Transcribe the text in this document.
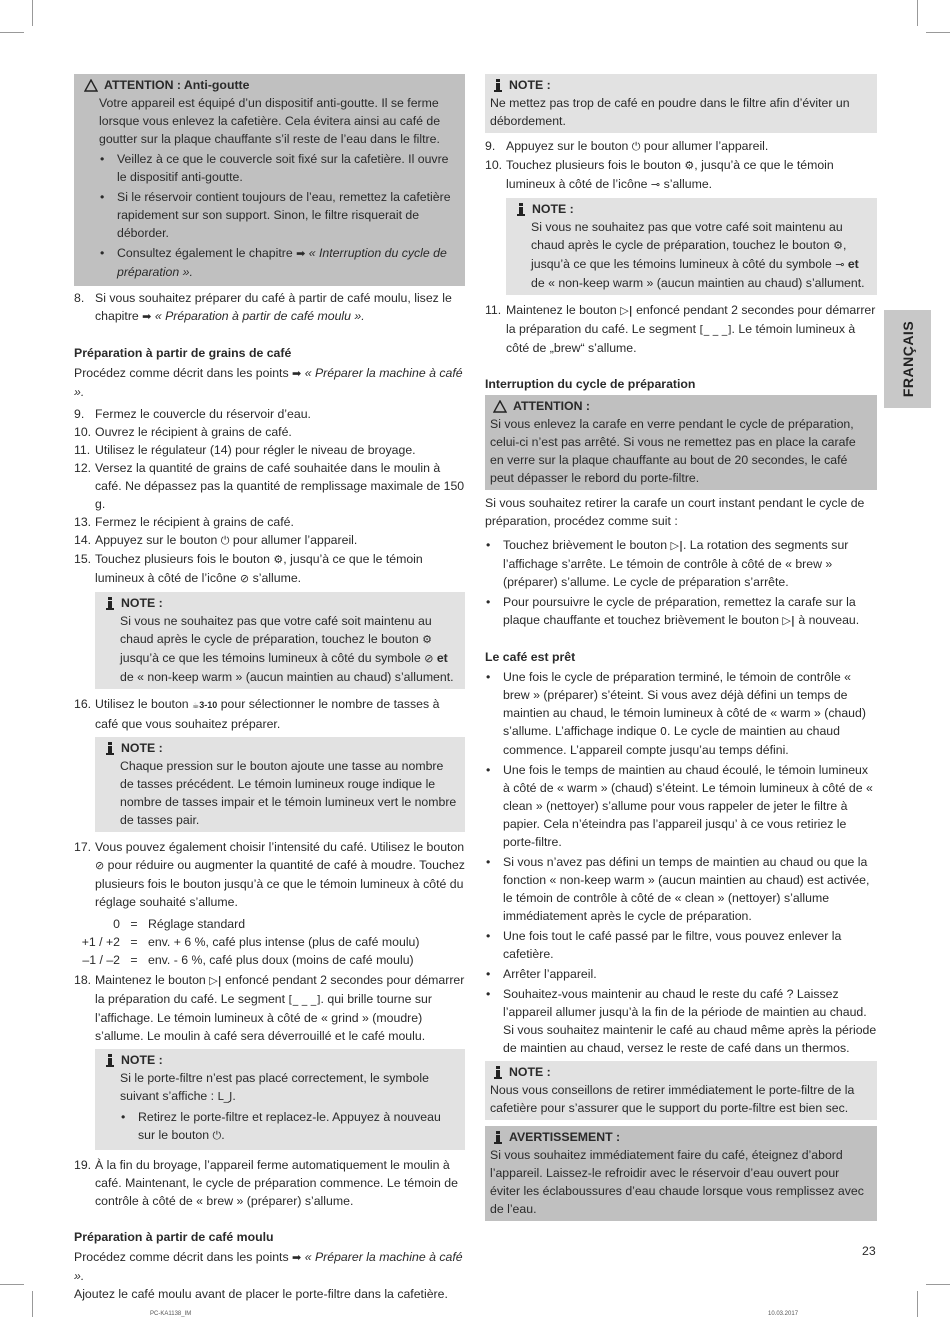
ATTENTION : Anti-goutte

Votre appareil est équipé d’un dispositif anti-goutte. Il se ferme lorsque vous enlevez la cafetière. Cela évitera ainsi au café de goutter sur la plaque chauffante s’il reste de l’eau dans le filtre.

• Veillez à ce que le couvercle soit fixé sur la cafetière. Il ouvre le dispositif anti-goutte.
• Si le réservoir contient toujours de l’eau, remettez la cafetière rapidement sur son support. Sinon, le filtre risquerait de déborder.
• Consultez également le chapitre ➡ « Interruption du cycle de préparation ».
8. Si vous souhaitez préparer du café à partir de café moulu, lisez le chapitre ➡ « Préparation à partir de café moulu ».
Préparation à partir de grains de café

Procédez comme décrit dans les points ➡ « Préparer la machine à café ».

9. Fermez le couvercle du réservoir d’eau.
10. Ouvrez le récipient à grains de café.
11. Utilisez le régulateur (14) pour régler le niveau de broyage.
12. Versez la quantité de grains de café souhaitée dans le moulin à café. Ne dépassez pas la quantité de remplissage maximale de 150 g.
13. Fermez le récipient à grains de café.
14. Appuyez sur le bouton ⏻ pour allumer l’appareil.
15. Touchez plusieurs fois le bouton ⚙, jusqu’à ce que le témoin lumineux à côté de l’icône ⊘ s’allume.
NOTE :

Si vous ne souhaitez pas que votre café soit maintenu au chaud après le cycle de préparation, touchez le bouton ⚙ jusqu’à ce que les témoins lumineux à côté du symbole ⊘ et de « non-keep warm » (aucun maintien au chaud) s’allument.

16. Utilisez le bouton ☕3-10 pour sélectionner le nombre de tasses à café que vous souhaitez préparer.
NOTE :

Chaque pression sur le bouton ajoute une tasse au nombre de tasses précédent. Le témoin lumineux rouge indique le nombre de tasses impair et le témoin lumineux vert le nombre de tasses pair.

17. Vous pouvez également choisir l’intensité du café. Utilisez le bouton ⊘ pour réduire ou augmenter la quantité de café à moudre. Touchez plusieurs fois le bouton jusqu’à ce que le témoin lumineux à côté du réglage souhaité s’allume.
0 = Réglage standard
+1 / +2 = env. + 6 %, café plus intense (plus de café moulu)
–1 / –2 = env. - 6 %, café plus doux (moins de café moulu)
18. Maintenez le bouton ▷| enfoncé pendant 2 secondes pour démarrer la préparation du café. Le segment [_ _ _]. qui brille tourne sur l’affichage. Le témoin lumineux à côté de « grind » (moudre) s’allume. Le moulin à café sera déverrouillé et le café moulu.
NOTE :

Si le porte-filtre n’est pas placé correctement, le symbole suivant s’affiche : L_J.

• Retirez le porte-filtre et replacez-le. Appuyez à nouveau sur le bouton ⏻.
19. À la fin du broyage, l’appareil ferme automatiquement le moulin à café. Maintenant, le cycle de préparation commence. Le témoin de contrôle à côté de « brew » (préparer) s’allume.
Préparation à partir de café moulu

Procédez comme décrit dans les points ➡ « Préparer la machine à café ».

Ajoutez le café moulu avant de placer le porte-filtre dans la cafetière.

NOTE :

Ne mettez pas trop de café en poudre dans le filtre afin d’éviter un débordement.

9. Appuyez sur le bouton ⏻ pour allumer l’appareil.
10. Touchez plusieurs fois le bouton ⚙, jusqu’à ce que le témoin lumineux à côté de l’icône ⊸ s’allume.
NOTE :

Si vous ne souhaitez pas que votre café soit maintenu au chaud après le cycle de préparation, touchez le bouton ⚙, jusqu’à ce que les témoins lumineux à côté du symbole ⊸ et de « non-keep warm » (aucun maintien au chaud) s’allument.

11. Maintenez le bouton ▷| enfoncé pendant 2 secondes pour démarrer la préparation du café. Le segment [_ _ _]. Le témoin lumineux à côté de „brew“ s’allume.
Interruption du cycle de préparation
ATTENTION :

Si vous enlevez la carafe en verre pendant le cycle de préparation, celui-ci n’est pas arrêté. Si vous ne remettez pas en place la carafe en verre sur la plaque chauffante au bout de 20 secondes, le café peut dépasser le rebord du porte-filtre.

Si vous souhaitez retirer la carafe un court instant pendant le cycle de préparation, procédez comme suit :

• Touchez brièvement le bouton ▷|. La rotation des segments sur l’affichage s’arrête. Le témoin de contrôle à côté de « brew » (préparer) s’allume. Le cycle de préparation s’arrête.
• Pour poursuivre le cycle de préparation, remettez la carafe sur la plaque chauffante et touchez brièvement le bouton ▷| à nouveau.
Le café est prêt
• Une fois le cycle de préparation terminé, le témoin de contrôle « brew » (préparer) s’éteint. Si vous avez déjà défini un temps de maintien au chaud, le témoin lumineux à côté de « warm » (chaud) s’allume. L’affichage indique 0. Le cycle de maintien au chaud commence. L’appareil compte jusqu’au temps défini.
• Une fois le temps de maintien au chaud écoulé, le témoin lumineux à côté de « warm » (chaud) s’éteint. Le témoin lumineux à côté de « clean » (nettoyer) s’allume pour vous rappeler de jeter le filtre à papier. Cela n’éteindra pas l’appareil jusqu’ à ce vous retiriez le porte-filtre.
• Si vous n’avez pas défini un temps de maintien au chaud ou que la fonction « non-keep warm » (aucun maintien au chaud) est activée, le témoin de contrôle à côté de « clean » (nettoyer) s’allume immédiatement après le cycle de préparation.
• Une fois tout le café passé par le filtre, vous pouvez enlever la cafetière.
• Arrêter l’appareil.
• Souhaitez-vous maintenir au chaud le reste du café ? Laissez l’appareil allumer jusqu’à la fin de la période de maintien au chaud. Si vous souhaitez maintenir le café au chaud même après la période de maintien au chaud, versez le reste de café dans un thermos.
NOTE :

Nous vous conseillons de retirer immédiatement le porte-filtre de la cafetière pour s’assurer que le support du porte-filtre est bien sec.

AVERTISSEMENT :

Si vous souhaitez immédiatement faire du café, éteignez d’abord l’appareil. Laissez-le refroidir avec le réservoir d’eau ouvert pour éviter les éclaboussures d’eau chaude lorsque vous remplissez avec de l’eau.

FRANÇAIS
23
PC-KA1138_IM	10.03.2017
